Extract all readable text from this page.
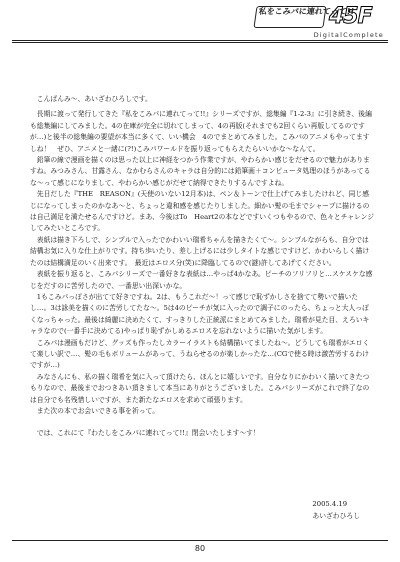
私をこみパに連れてって!!
45F
DigitalComplete

こんばんみ～、あいざわひろしです。

長期に渡って発行してきた『私をこみパに連れてって!!』シリーズですが、総集編『1-2-3』に引き続き、後編も総集編にしてみました。4の在庫が完全に切れてしまって、4の再版(それまでも2回くらい再版してるのですが…)と後半の総集編の要望が本当に多くて、いい機会　4のでまとめてみました。こみパのアニメもやってますしね！　ぜひ、アニメと一緒に(?!)こみパワールドを振り返ってもらえたらいいかな～なんて。

鉛筆の線で漫画を描くのは思った以上に神経をつかう作業ですが、やわらかい感じをだせるので魅力がありますね。みつみさん、甘露さん、なかむらさんのキャラは自分的には鉛筆画＋コンピュータ処理のほうがあってるな～って感じになりまして、やわらかい感じがだせて納得できたりするんですよね。

先日だした『THE　REASON』(天使のいない12月本)は、ペン＆トーンで仕上げてみましたけれど、同じ感じになってしまったのかなあ～と、ちょっと違和感を感じたりしました。細かい髪の毛までシャープに描けるのは自己満足を満たせるんですけど。まあ、今後はTo　Heart2の本などですいくつもやるので、色々とチャレンジしてみたいところです。

表紙は描き下ろしで、シンプルで入ったでかわいい瑞希ちゃんを描きたくて～。シンプルながらも、自分では結構お気に入りな仕上がりです。持ち歩いたり、差し上げるには少しタイトな感じですけど、かわいらしく描けたのは結構満足のいく出来です。　最近はエロス分(笑)に降臨してるので(謎)許してあげてください。

表紙を振り返ると、こみパシリーズで一番好きな表紙は…やっぱ4かなあ。ピーチのフリフリと…スケスケな感じをだすのに苦労したので、一番思い出深いかな。

1もこみパっぽさが出てて好きですね。2は、もうこれだ～！って感じで恥ずかしさを捨てて勢いで描いたし…。3は詠美を描くのに苦労してたな～。5は4のピーチが気に入ったので調子にのったら、ちょっと大人っぽくなっちゃった。最後は綺麗に決めたくて、すっきりした正統派にまとめてみました。瑞希が見た目、えろいキャラなので(一番手に決めてる)やっぱり恥ずかしめるエロスを忘れないように描いた気がします。

こみパは漫画もだけど、グッズも作ったしカラーイラストも結構描いてましたね～。どうしても瑞希がエロくて楽しい訳で…、髪の毛もボリュームがあって、うねらせるのが楽しかったな…(CGで使る時は激苦労するわけですが…)

みなさんにも、私の描く瑞希を気に入って頂けたら、ほんとに嬉しいです。自分なりにかわいく描いてきたつもりなので、最後までおつきあい頂きまして本当にありがとうございました。こみパシリーズがこれで終了なのは自分でも名残惜しいですが、また新たなエロスを求めて頑張ります。

また次の本でお会いできる事を祈って。

では、これにて『わたしをこみパに連れてって!!』閉会いたします～す！

2005.4.19
あいざわひろし
80
